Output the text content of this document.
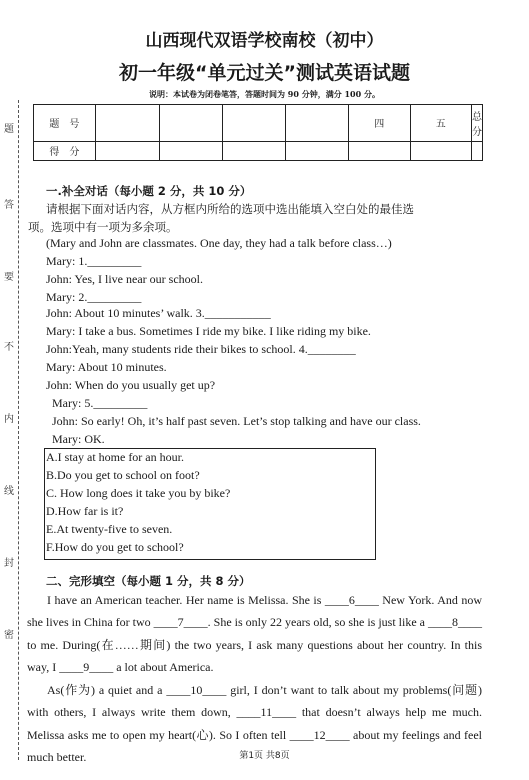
题
答
要
不
内
线
封
密
山西现代双语学校南校（初中）
初一年级“单元过关”测试英语试题
说明：本试卷为闭卷笔答，答题时间为 90 分钟，满分 100 分。
题　号					四	五	总 分
得　分							
一.补全对话（每小题 2 分，共 10 分）
请根据下面对话内容，从方框内所给的选项中选出能填入空白处的最佳选
项。选项中有一项为多余项。
(Mary and John are classmates. One day, they had a talk before class…)
Mary: 1._________
John: Yes, I live near our school.
Mary: 2._________
John: About 10 minutes’ walk. 3.___________
Mary: I take a bus. Sometimes I ride my bike. I like riding my bike.
John:Yeah, many students ride their bikes to school. 4.________
Mary: About 10 minutes.
John: When do you usually get up?
Mary: 5._________
John: So early! Oh, it’s half past seven. Let’s stop talking and have our class.
Mary: OK.
A.I stay at home for an hour.
B.Do you get to school on foot?
C. How long does it take you by bike?
D.How far is it?
E.At twenty-five to seven.
F.How do you get to school?
二、完形填空（每小题 1 分，共 8 分）
I have an American teacher. Her name is Melissa. She is ____6____ New York. And now she lives in China for two ____7____. She is only 22 years old, so she is just like a ____8____ to me. During(在……期间) the two years, I ask many questions about her country. In this way, I ____9____ a lot about America.
As(作为) a quiet and a ____10____ girl, I don’t want to talk about my problems(问题) with others, I always write them down, ____11____ that doesn’t always help me much. Melissa asks me to open my heart(心). So I often tell ____12____ about my feelings and feel much better.	第1页 共8页
